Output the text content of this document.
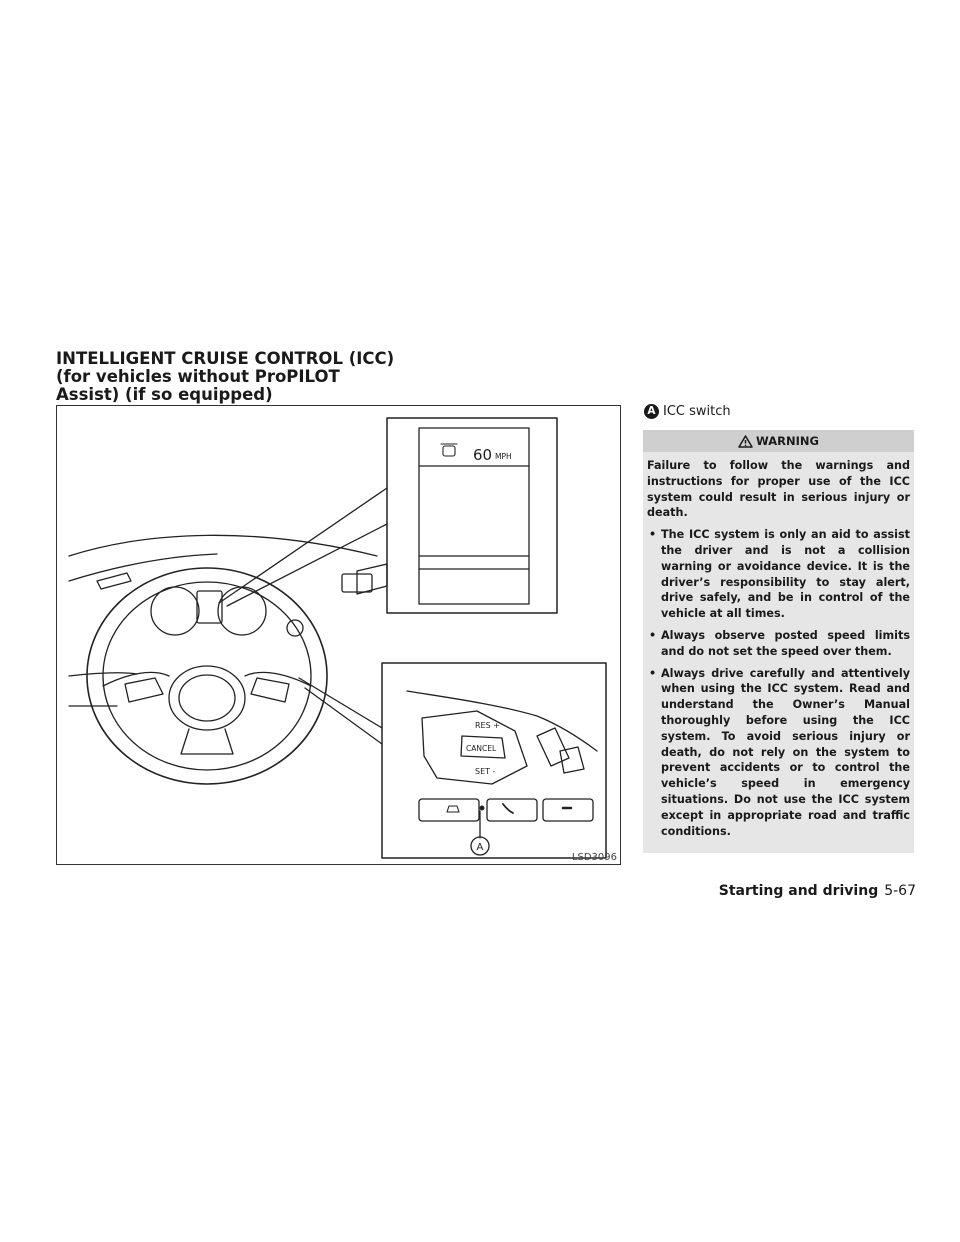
INTELLIGENT CRUISE CONTROL (ICC)
(for vehicles without ProPILOT
Assist) (if so equipped)
60 MPH
A
RES +
CANCEL
SET -
LSD3096
A ICC switch
WARNING

Failure to follow the warnings and instructions for proper use of the ICC system could result in serious injury or death.

• The ICC system is only an aid to assist the driver and is not a collision warning or avoidance device. It is the driver’s responsibility to stay alert, drive safely, and be in control of the vehicle at all times.
• Always observe posted speed limits and do not set the speed over them.
• Always drive carefully and attentively when using the ICC system. Read and understand the Owner’s Manual thoroughly before using the ICC system. To avoid serious injury or death, do not rely on the system to prevent accidents or to control the vehicle’s speed in emergency situations. Do not use the ICC system except in appropriate road and traffic conditions.
Starting and driving 5-67
